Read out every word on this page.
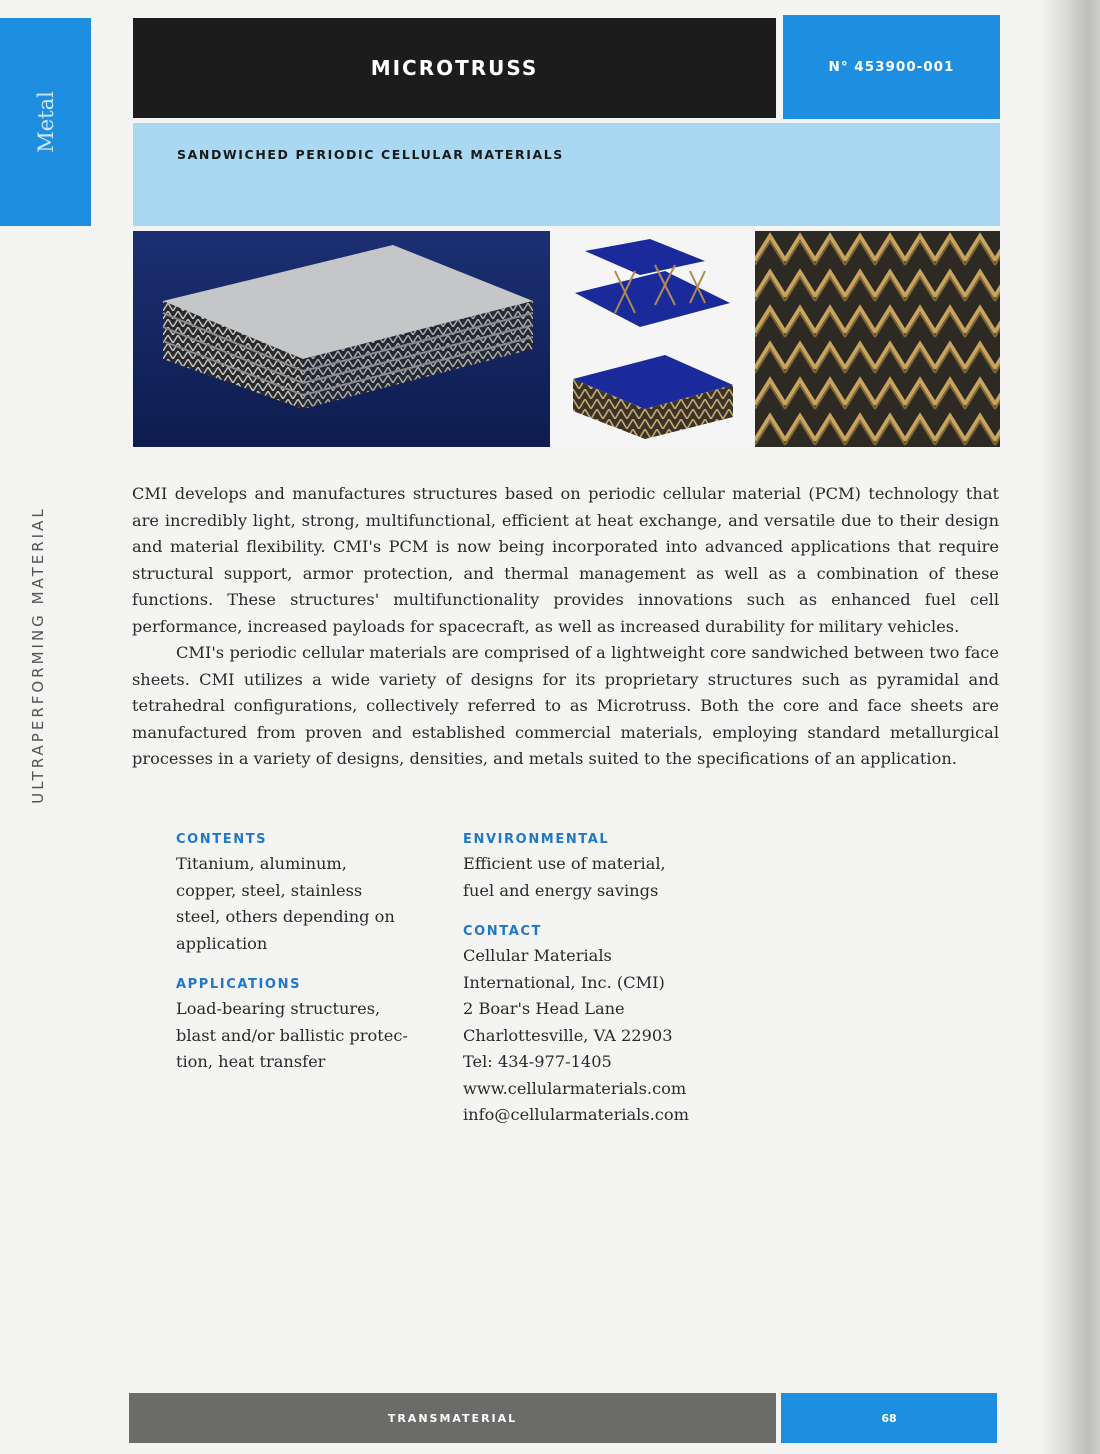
Metal
ULTRAPERFORMING MATERIAL
MICROTRUSS	N° 453900-001
SANDWICHED PERIODIC CELLULAR MATERIALS

CMI develops and manufactures structures based on periodic cellular material (PCM) technology that are incredibly light, strong, multifunctional, efficient at heat exchange, and versatile due to their design and material flexibility. CMI's PCM is now being incorporated into advanced applications that require structural support, armor protection, and thermal management as well as a combination of these functions. These structures' multifunctionality provides innovations such as enhanced fuel cell performance, increased payloads for spacecraft, as well as increased durability for military vehicles.

CMI's periodic cellular materials are comprised of a lightweight core sandwiched between two face sheets. CMI utilizes a wide variety of designs for its proprietary structures such as pyramidal and tetrahedral configurations, collectively referred to as Microtruss. Both the core and face sheets are manufactured from proven and established commercial materials, employing standard metallurgical processes in a variety of designs, densities, and metals suited to the specifications of an application.

CONTENTS

Titanium, aluminum,
copper, steel, stainless
steel, others depending on
application

APPLICATIONS

Load-bearing structures,
blast and/or ballistic protec-
tion, heat transfer

ENVIRONMENTAL

Efficient use of material,
fuel and energy savings

CONTACT

Cellular Materials
International, Inc. (CMI)
2 Boar's Head Lane
Charlottesville, VA 22903
Tel: 434-977-1405
www.cellularmaterials.com
info@cellularmaterials.com

TRANSMATERIAL	68
